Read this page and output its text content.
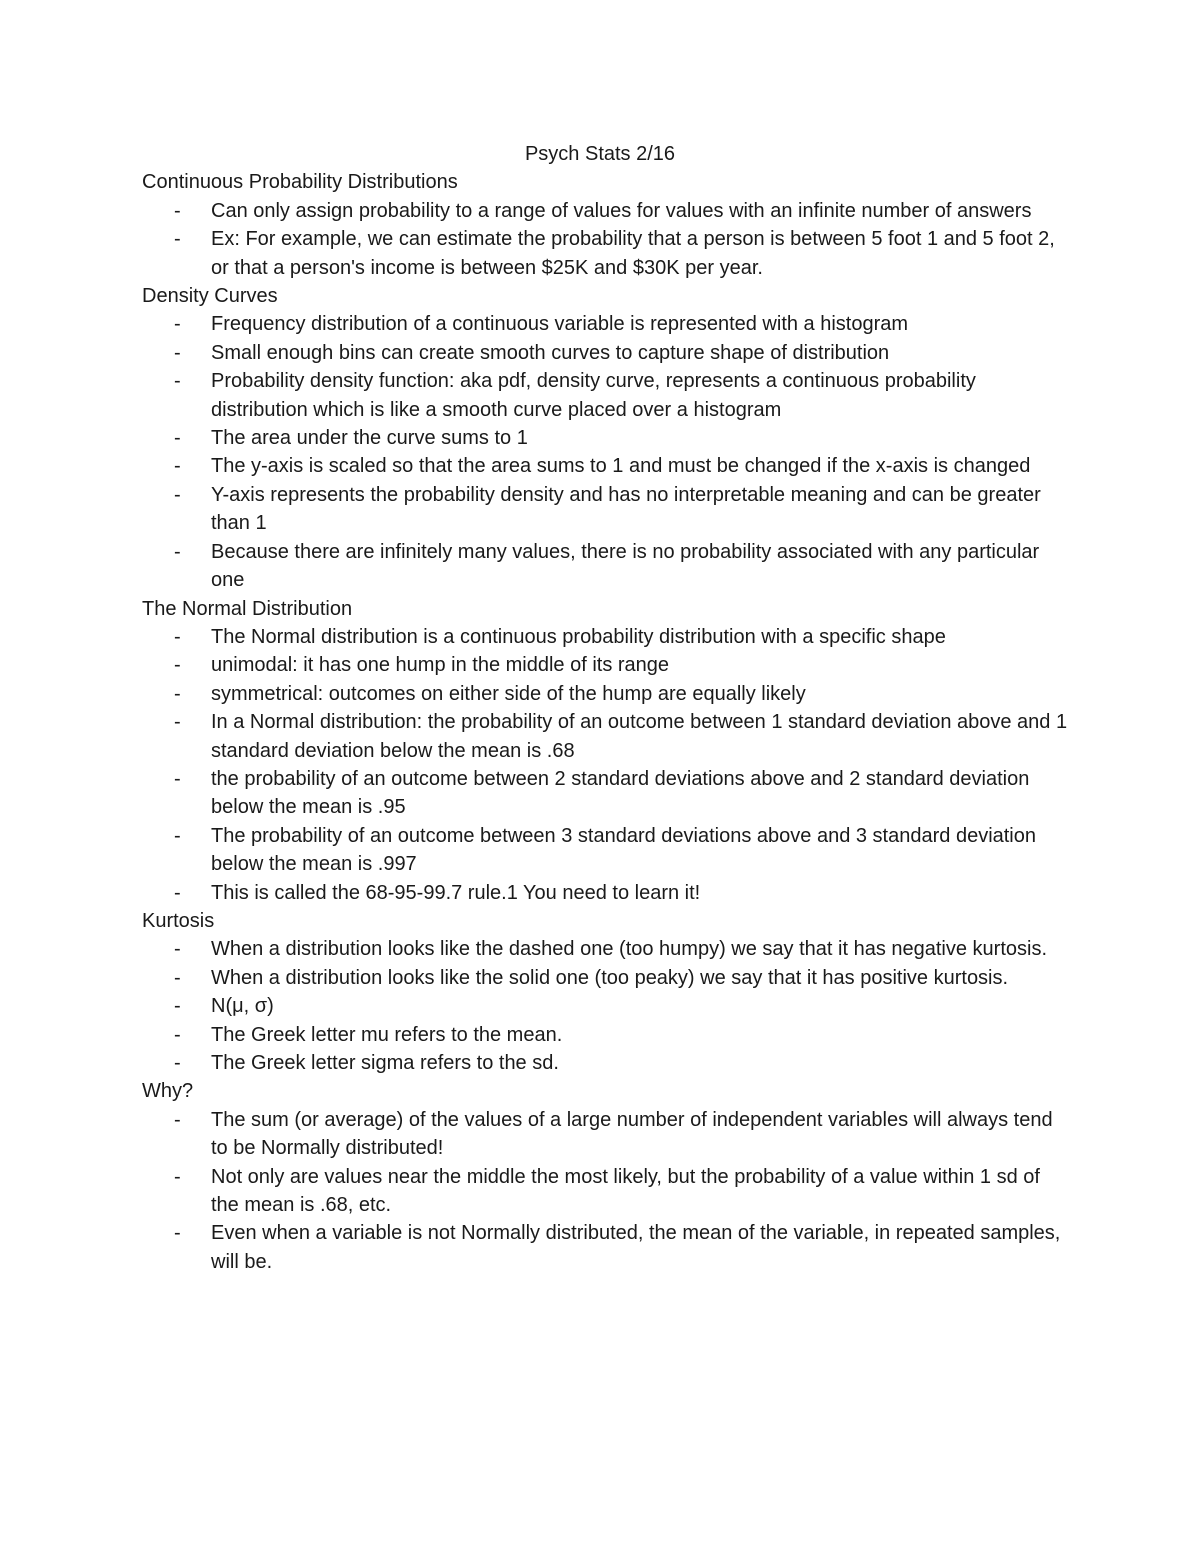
Psych Stats 2/16

Continuous Probability Distributions

- Can only assign probability to a range of values for values with an infinite number of answers
- Ex: For example, we can estimate the probability that a person is between 5 foot 1 and 5 foot 2, or that a person's income is between $25K and $30K per year.

Density Curves

- Frequency distribution of a continuous variable is represented with a histogram
- Small enough bins can create smooth curves to capture shape of distribution
- Probability density function: aka pdf, density curve, represents a continuous probability distribution which is like a smooth curve placed over a histogram
- The area under the curve sums to 1
- The y-axis is scaled so that the area sums to 1 and must be changed if the x-axis is changed
- Y-axis represents the probability density and has no interpretable meaning and can be greater than 1
- Because there are infinitely many values, there is no probability associated with any particular one

The Normal Distribution

- The Normal distribution is a continuous probability distribution with a specific shape
- unimodal: it has one hump in the middle of its range
- symmetrical: outcomes on either side of the hump are equally likely
- In a Normal distribution: the probability of an outcome between 1 standard deviation above and 1 standard deviation below the mean is .68
- the probability of an outcome between 2 standard deviations above and 2 standard deviation below the mean is .95
- The probability of an outcome between 3 standard deviations above and 3 standard deviation below the mean is .997
- This is called the 68-95-99.7 rule.1 You need to learn it!

Kurtosis

- When a distribution looks like the dashed one (too humpy) we say that it has negative kurtosis.
- When a distribution looks like the solid one (too peaky) we say that it has positive kurtosis.
- N(μ, σ)
- The Greek letter mu refers to the mean.
- The Greek letter sigma refers to the sd.

Why?

- The sum (or average) of the values of a large number of independent variables will always tend to be Normally distributed!
- Not only are values near the middle the most likely, but the probability of a value within 1 sd of the mean is .68, etc.
- Even when a variable is not Normally distributed, the mean of the variable, in repeated samples, will be.
